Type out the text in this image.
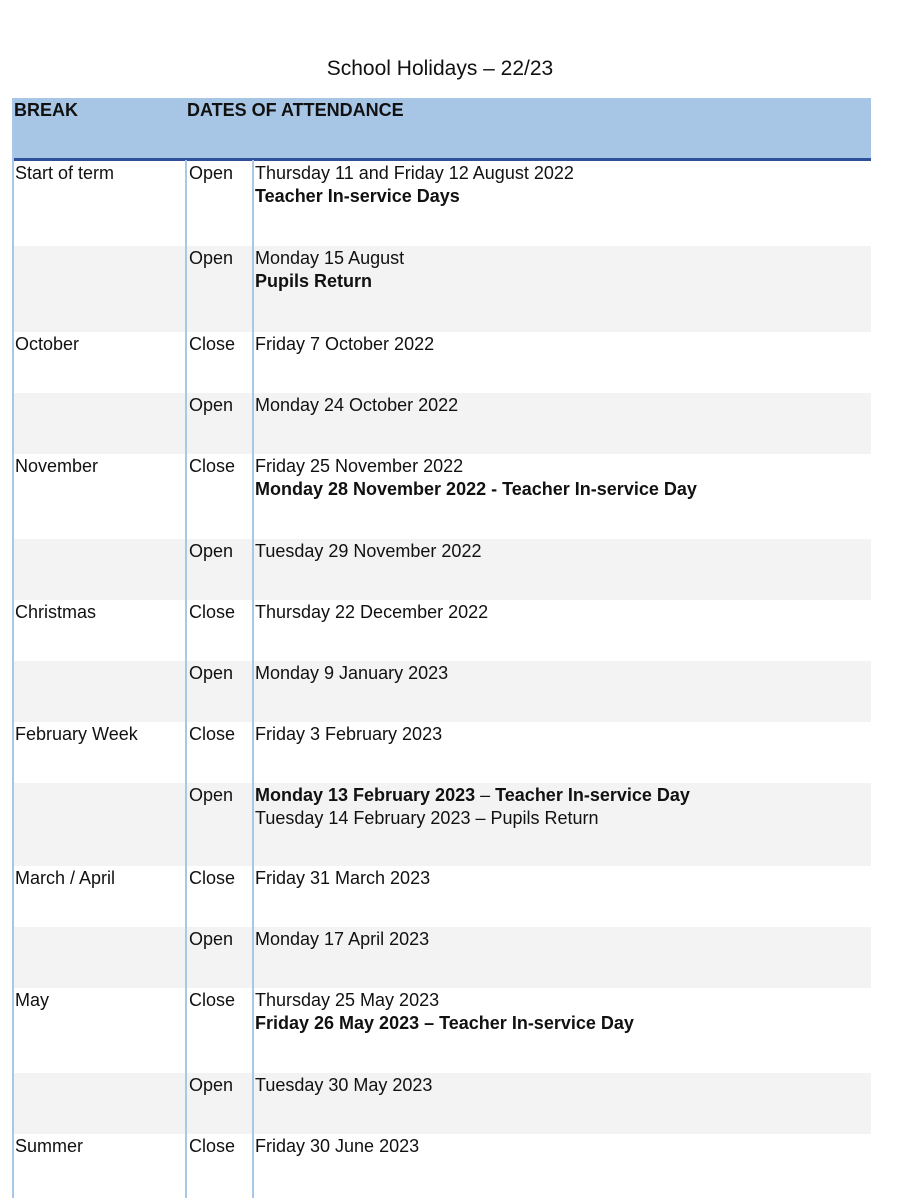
School Holidays – 22/23
BREAK	DATES OF ATTENDANCE
Start of term	Open Thursday 11 and Friday 12 August 2022
Teacher In-service Days
Open Monday 15 August
Pupils Return
October	Close Friday 7 October 2022
Open Monday 24 October 2022
November	Close Friday 25 November 2022
Monday 28 November 2022 - Teacher In-service Day
Open Tuesday 29 November 2022
Christmas	Close Thursday 22 December 2022
Open Monday 9 January 2023
February Week	Close Friday 3 February 2023
Open Monday 13 February 2023 – Teacher In-service Day
Tuesday 14 February 2023 – Pupils Return
March / April	Close Friday 31 March 2023
Open Monday 17 April 2023
May	Close Thursday 25 May 2023
Friday 26 May 2023 – Teacher In-service Day
Open Tuesday 30 May 2023
Summer	Close Friday 30 June 2023
